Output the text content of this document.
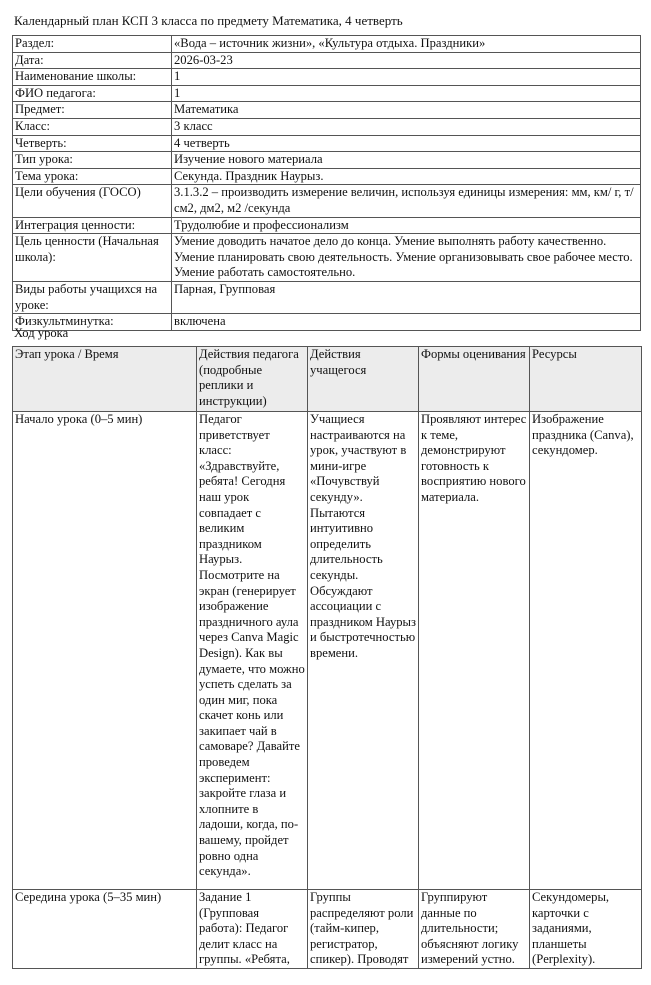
Календарный план КСП 3 класса по предмету Математика, 4 четверть
Раздел:	«Вода – источник жизни», «Культура отдыха. Праздники»
Дата:	2026-03-23
Наименование школы:	1
ФИО педагога:	1
Предмет:	Математика
Класс:	3 класс
Четверть:	4 четверть
Тип урока:	Изучение нового материала
Тема урока:	Секунда. Праздник Наурыз.
Цели обучения (ГОСО)	3.1.3.2 – производить измерение величин, используя единицы измерения: мм, км/ г, т/см2, дм2, м2 /секунда
Интеграция ценности:	Трудолюбие и профессионализм
Цель ценности (Начальная школа):	Умение доводить начатое дело до конца. Умение выполнять работу качественно. Умение планировать свою деятельность. Умение организовывать свое рабочее место. Умение работать самостоятельно.
Виды работы учащихся на уроке:	Парная, Групповая
Физкультминутка:	включена
Ход урока
Этап урока / Время	Действия педагога (подробные реплики и инструкции)	Действия учащегося	Формы оценивания	Ресурсы
Начало урока (0–5 мин)	Педагог приветствует класс: «Здравствуйте, ребята! Сегодня наш урок совпадает с великим праздником Наурыз. Посмотрите на экран (генерирует изображение праздничного аула через Canva Magic Design). Как вы думаете, что можно успеть сделать за один миг, пока скачет конь или закипает чай в самоваре? Давайте проведем эксперимент: закройте глаза и хлопните в ладоши, когда, по-вашему, пройдет ровно одна секунда».	Учащиеся настраиваются на урок, участвуют в мини-игре «Почувствуй секунду». Пытаются интуитивно определить длительность секунды. Обсуждают ассоциации с праздником Наурыз и быстротечностью времени.	Проявляют интерес к теме, демонстрируют готовность к восприятию нового материала.	Изображение праздника (Canva), секундомер.
Середина урока (5–35 мин)	Задание 1 (Групповая работа): Педагог делит класс на группы. «Ребята,	Группы распределяют роли (тайм-кипер, регистратор, спикер). Проводят	Группируют данные по длительности; объясняют логику измерений устно.	Секундомеры, карточки с заданиями, планшеты (Perplexity).
